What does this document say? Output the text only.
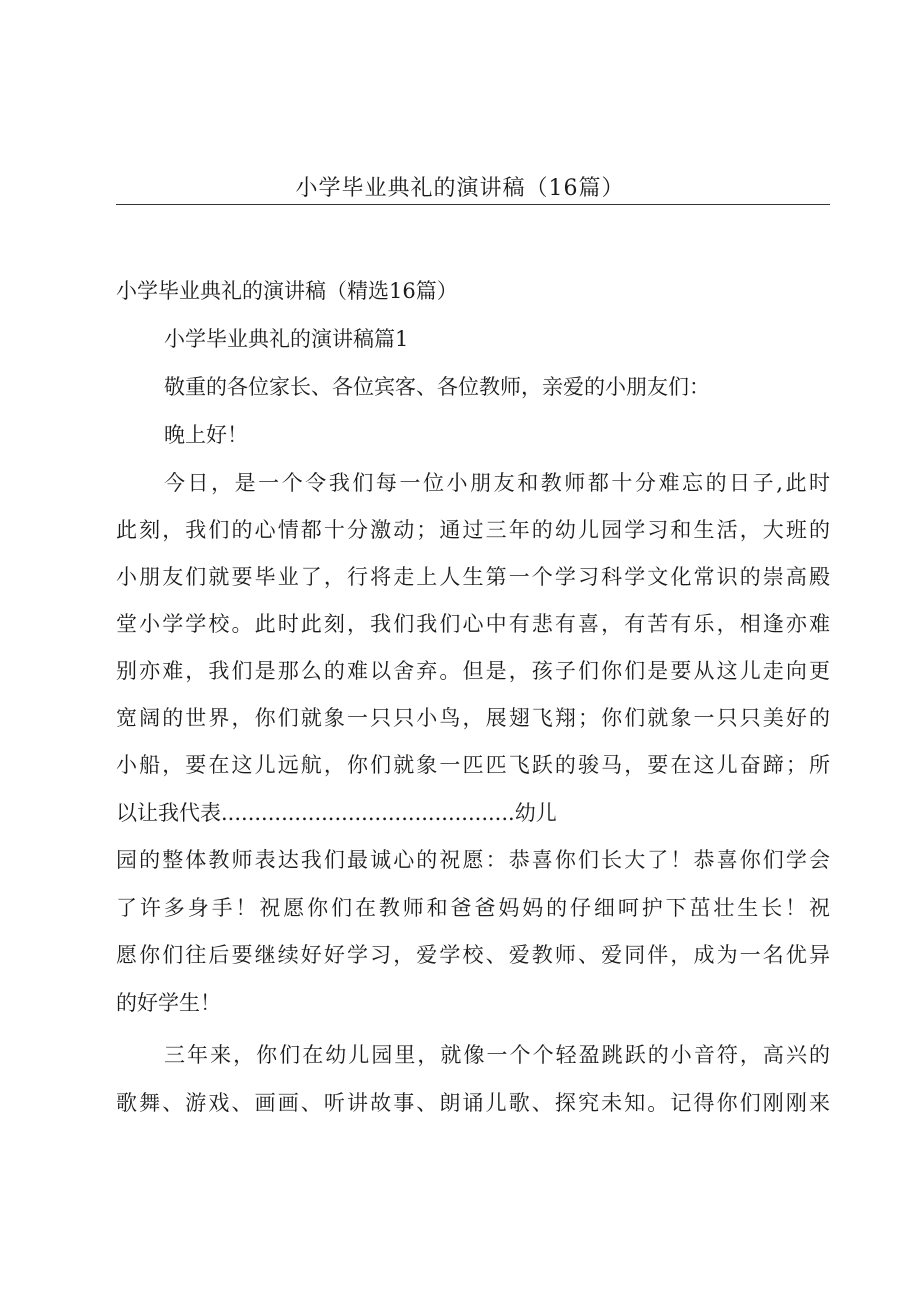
小学毕业典礼的演讲稿（16篇）
小学毕业典礼的演讲稿（精选16篇）
小学毕业典礼的演讲稿篇1
敬重的各位家长、各位宾客、各位教师，亲爱的小朋友们：
晚上好！
今日，是一个令我们每一位小朋友和教师都十分难忘的日子,此时
此刻，我们的心情都十分激动；通过三年的幼儿园学习和生活，大班的
小朋友们就要毕业了，行将走上人生第一个学习科学文化常识的崇高殿
堂小学学校。此时此刻，我们我们心中有悲有喜，有苦有乐，相逢亦难
别亦难，我们是那么的难以舍弃。但是，孩子们你们是要从这儿走向更
宽阔的世界，你们就象一只只小鸟，展翅飞翔；你们就象一只只美好的
小船，要在这儿远航，你们就象一匹匹飞跃的骏马，要在这儿奋蹄；所
以让我代表............................................幼儿
园的整体教师表达我们最诚心的祝愿：恭喜你们长大了！恭喜你们学会
了许多身手！祝愿你们在教师和爸爸妈妈的仔细呵护下茁壮生长！祝
愿你们往后要继续好好学习，爱学校、爱教师、爱同伴，成为一名优异
的好学生！
三年来，你们在幼儿园里，就像一个个轻盈跳跃的小音符，高兴的
歌舞、游戏、画画、听讲故事、朗诵儿歌、探究未知。记得你们刚刚来
